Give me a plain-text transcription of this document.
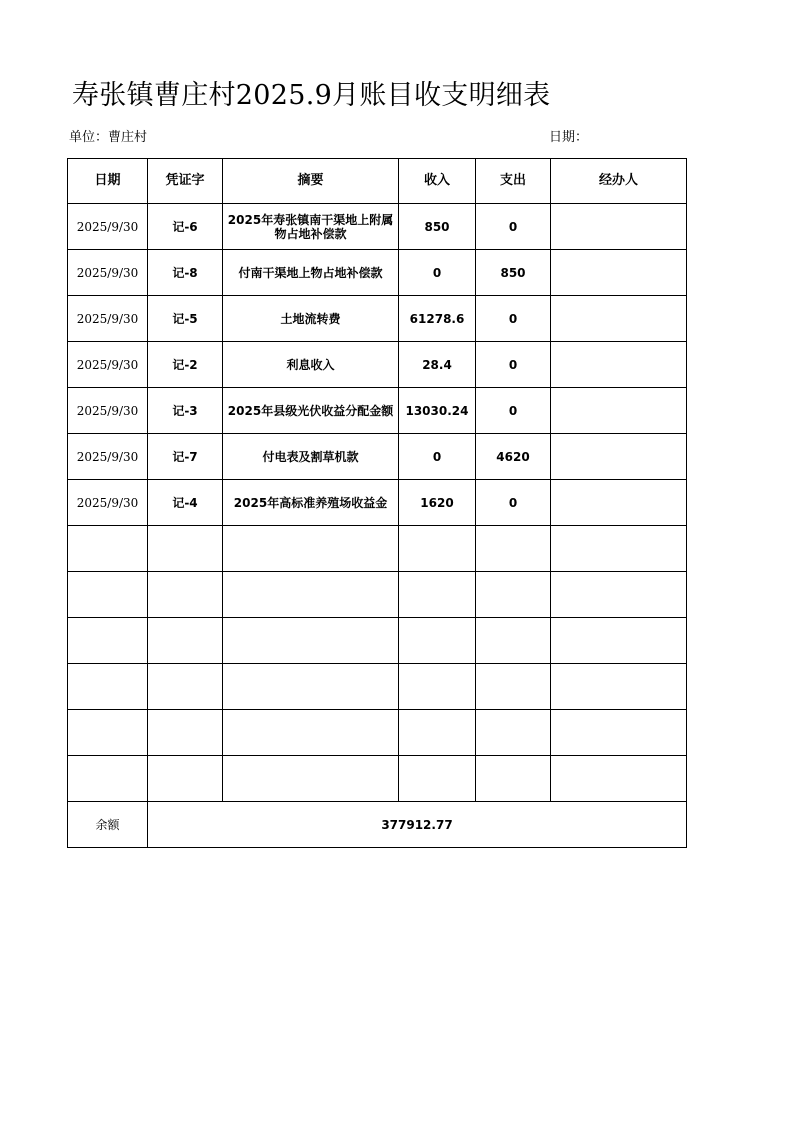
寿张镇曹庄村2025.9月账目收支明细表
单位：曹庄村	日期：
日期	凭证字	摘要	收入	支出	经办人
2025/9/30	记-6	2025年寿张镇南干渠地上附属物占地补偿款	850	0	
2025/9/30	记-8	付南干渠地上物占地补偿款	0	850	
2025/9/30	记-5	土地流转费	61278.6	0	
2025/9/30	记-2	利息收入	28.4	0	
2025/9/30	记-3	2025年县级光伏收益分配金额	13030.24	0	
2025/9/30	记-7	付电表及割草机款	0	4620	
2025/9/30	记-4	2025年高标准养殖场收益金	1620	0	

余额	377912.77				
